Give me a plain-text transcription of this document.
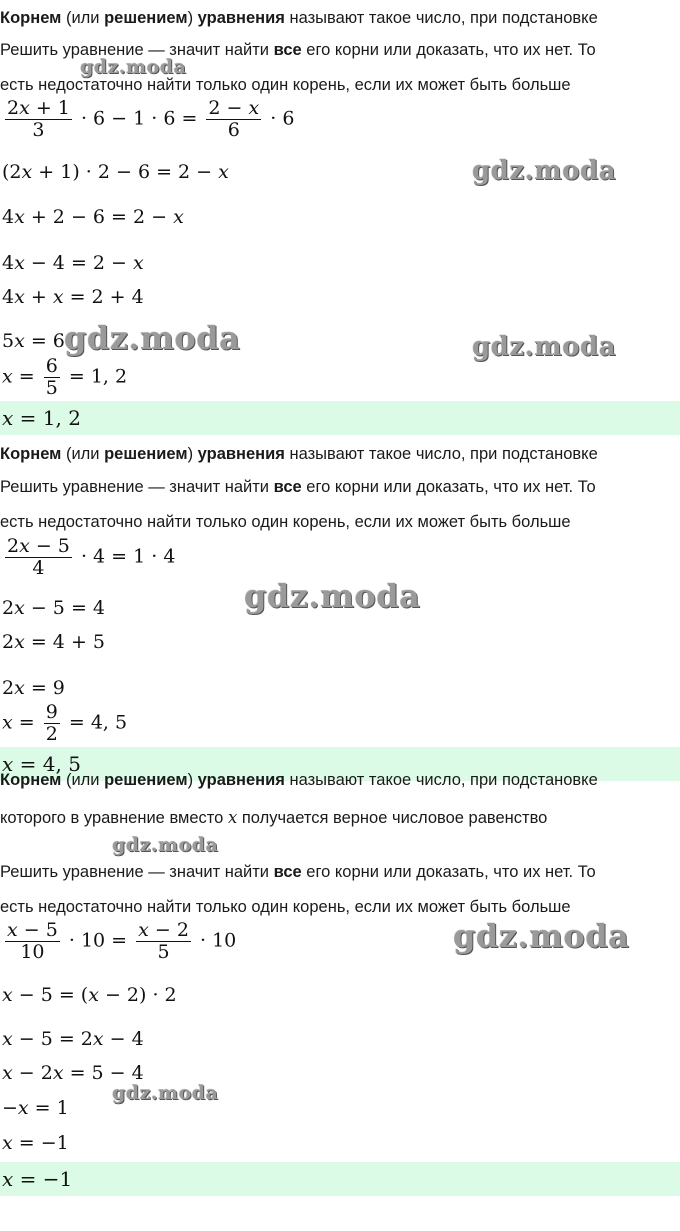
Корнем (или решением) уравнения называют такое число, при подстановке

Решить уравнение — значит найти все его корни или доказать, что их нет. То

есть недостаточно найти только один корень, если их может быть больше

$\frac{2x + 1}{3} \cdot 6 - 1 \cdot 6 = \frac{2 - x}{6} \cdot 6$
(2x + 1) · 2 − 6 = 2 − x
4x + 2 − 6 = 2 − x
4x − 4 = 2 − x
4x + x = 2 + 4
5x = 6
$x = \frac{6}{5} = 1$, 2
x = 1, 2
gdz.moda
gdz.moda
gdz.moda	gdz.moda

Корнем (или решением) уравнения называют такое число, при подстановке

Решить уравнение — значит найти все его корни или доказать, что их нет. То

есть недостаточно найти только один корень, если их может быть больше

$\frac{2x - 5}{4} \cdot 4 = 1 \cdot 4$
2x − 5 = 4
2x = 4 + 5
2x = 9
$x = \frac{9}{2} = 4$, 5
x = 4, 5
gdz.moda

Корнем (или решением) уравнения называют такое число, при подстановке

которого в уравнение вместо x получается верное числовое равенство

Решить уравнение — значит найти все его корни или доказать, что их нет. То

есть недостаточно найти только один корень, если их может быть больше

$\frac{x - 5}{10} \cdot 10 = \frac{x - 2}{5} \cdot 10$
x − 5 = (x − 2) · 2
x − 5 = 2x − 4
x − 2x = 5 − 4
−x = 1
x = −1
x = −1
gdz.moda
gdz.moda
gdz.moda
